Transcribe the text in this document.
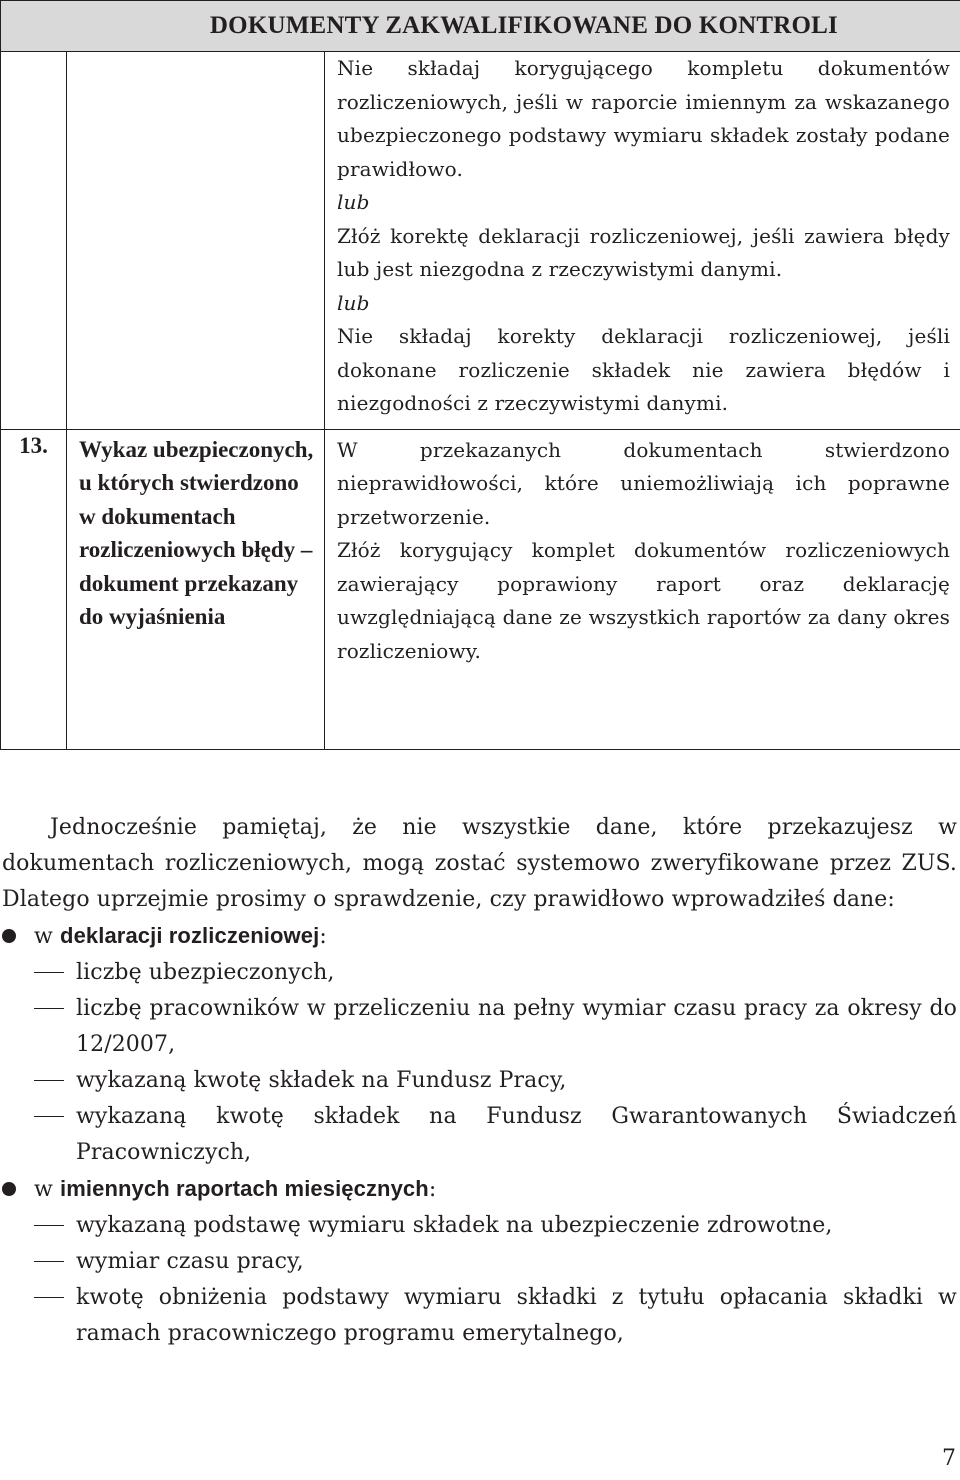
DOKUMENTY ZAKWALIFIKOWANE DO KONTROLI		

		Nie składaj korygującego kompletu dokumentów rozliczeniowych, jeśli w raporcie imiennym za wskazanego ubezpieczonego podstawy wymiaru składek zostały podane prawidłowo.

lub

Złóż korektę deklaracji rozliczeniowej, jeśli zawiera błędy lub jest niezgodna z rzeczywistymi danymi.

lub

Nie składaj korekty deklaracji rozliczeniowej, jeśli dokonane rozliczenie składek nie zawiera błędów i niezgodności z rzeczywistymi danymi.

13.	Wykaz ubezpieczonych, u których stwierdzono w dokumentach rozliczeniowych błędy – dokument przekazany do wyjaśnienia	W przekazanych dokumentach stwierdzono nieprawidłowości, które uniemożliwiają ich poprawne przetworzenie.

Złóż korygujący komplet dokumentów rozliczeniowych zawierający poprawiony raport oraz deklarację uwzględniającą dane ze wszystkich raportów za dany okres rozliczeniowy.

Jednocześnie pamiętaj, że nie wszystkie dane, które przekazujesz w dokumentach rozliczeniowych, mogą zostać systemowo zweryfikowane przez ZUS. Dlatego uprzejmie prosimy o sprawdzenie, czy prawidłowo wprowadziłeś dane:

w deklaracji rozliczeniowej:
liczbę ubezpieczonych,
liczbę pracowników w przeliczeniu na pełny wymiar czasu pracy za okresy do 12/2007,
wykazaną kwotę składek na Fundusz Pracy,
wykazaną kwotę składek na Fundusz Gwarantowanych Świadczeń Pracowniczych,
w imiennych raportach miesięcznych:
wykazaną podstawę wymiaru składek na ubezpieczenie zdrowotne,
wymiar czasu pracy,
kwotę obniżenia podstawy wymiaru składki z tytułu opłacania składki w ramach pracowniczego programu emerytalnego,
7
